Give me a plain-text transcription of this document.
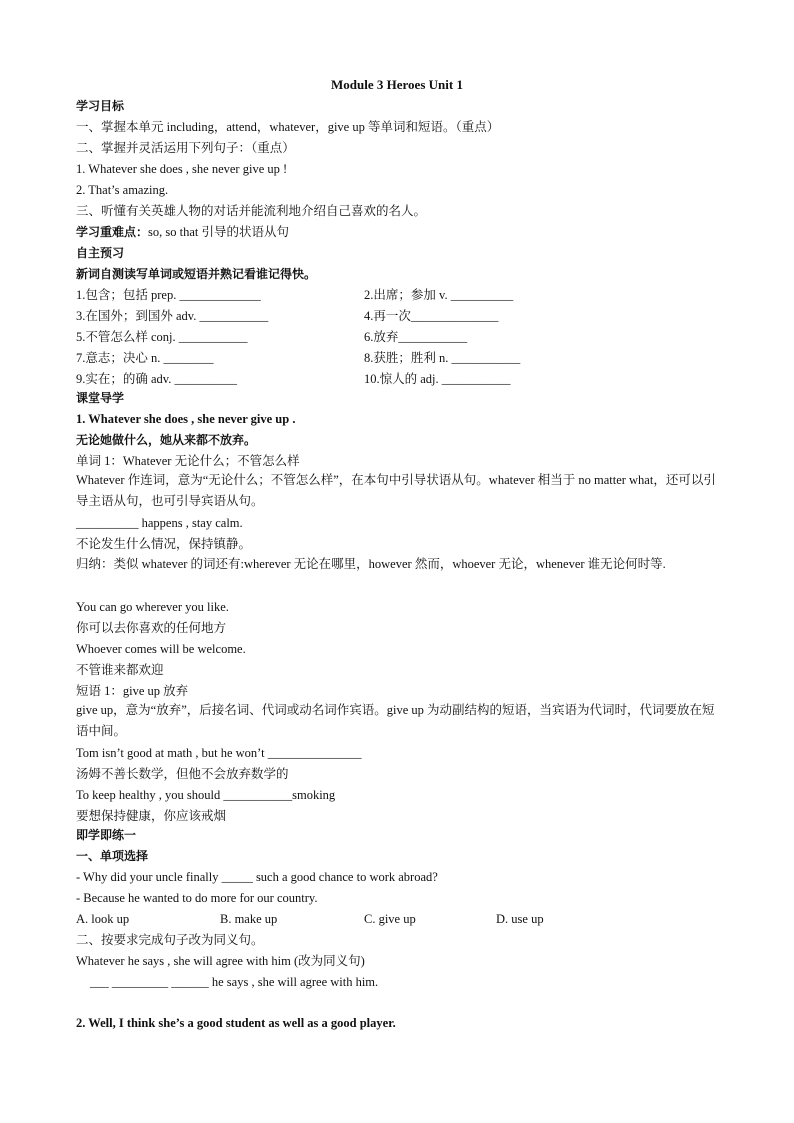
Module 3 Heroes Unit 1
学习目标
一、掌握本单元 including，attend，whatever，give up 等单词和短语。（重点）
二、掌握并灵活运用下列句子：（重点）
1. Whatever she does , she never give up !
2. That’s amazing.
三、听懂有关英雄人物的对话并能流利地介绍自己喜欢的名人。
学习重难点：so, so that 引导的状语从句
自主预习
新词自测读写单词或短语并熟记看谁记得快。
1.包含；包括 prep. _____________	2.出席；参加 v. __________
3.在国外；到国外 adv. ___________	4.再一次______________
5.不管怎么样 conj. ___________	6.放弃___________
7.意志；决心 n. ________	8.获胜；胜利 n. ___________
9.实在；的确 adv. __________	10.惊人的 adj. ___________
课堂导学
1. Whatever she does , she never give up .
无论她做什么，她从来都不放弃。
单词 1：Whatever 无论什么；不管怎么样
Whatever 作连词，意为“无论什么；不管怎么样”，在本句中引导状语从句。whatever 相当于 no matter what，还可以引导主语从句，也可引导宾语从句。
__________ happens , stay calm.
不论发生什么情况，保持镇静。
归纳：类似 whatever 的词还有:wherever 无论在哪里，however 然而，whoever 无论，whenever 谁无论何时等.
You can go wherever you like.
你可以去你喜欢的任何地方
Whoever comes will be welcome.
不管谁来都欢迎
短语 1：give up 放弃
give up，意为“放弃”，后接名词、代词或动名词作宾语。give up 为动副结构的短语，当宾语为代词时，代词要放在短语中间。
Tom isn’t good at math , but he won’t _______________
汤姆不善长数学，但他不会放弃数学的
To keep healthy , you should ___________smoking
要想保持健康，你应该戒烟
即学即练一
一、单项选择
- Why did your uncle finally _____ such a good chance to work abroad?
- Because he wanted to do more for our country.
A. look up	B. make up	C. give up	D. use up
二、按要求完成句子改为同义句。
Whatever he says , she will agree with him (改为同义句)
___ _________ ______ he says , she will agree with him.
2. Well, I think she’s a good student as well as a good player.
